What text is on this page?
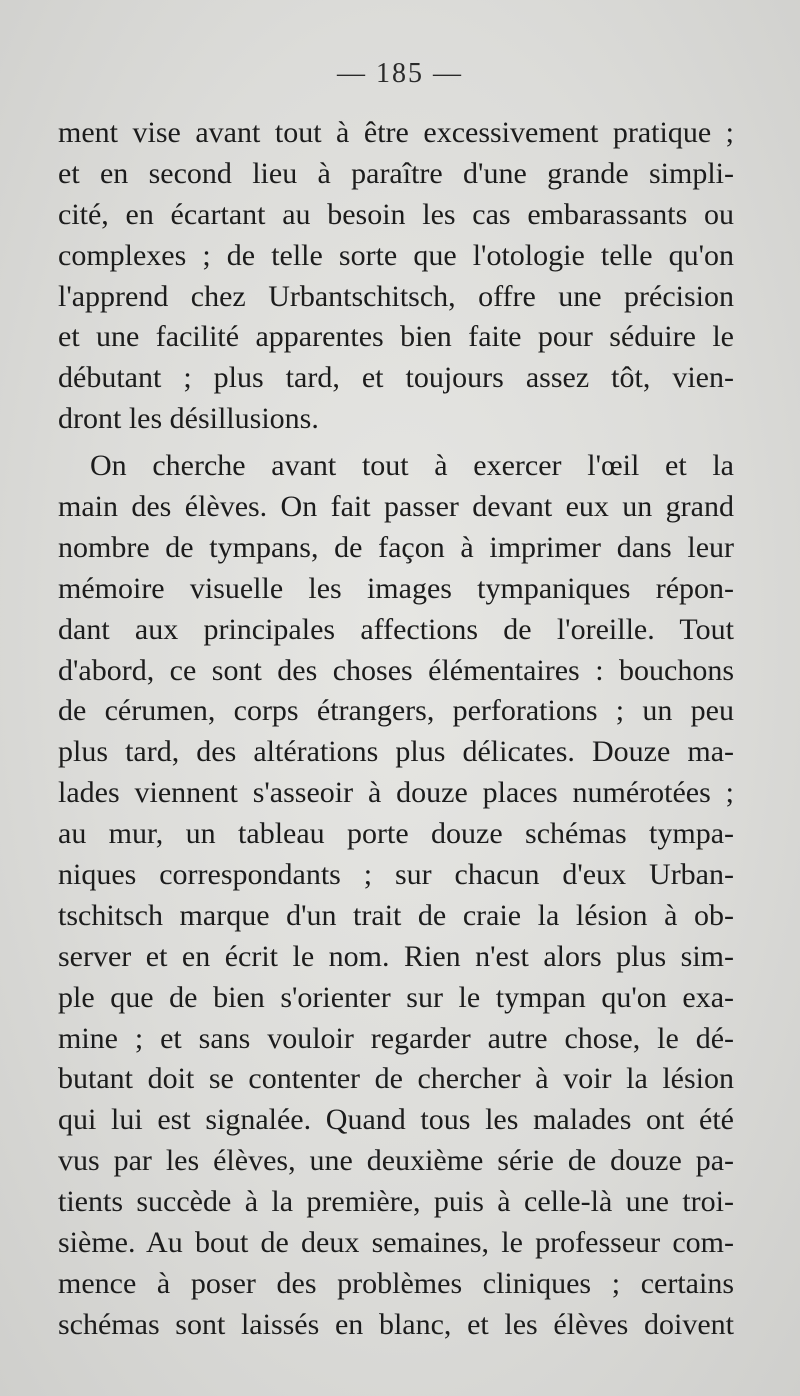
— 185 —
ment vise avant tout à être excessivement pratique ;
et en second lieu à paraître d'une grande simpli-
cité, en écartant au besoin les cas embarassants ou
complexes ; de telle sorte que l'otologie telle qu'on
l'apprend chez Urbantschitsch, offre une précision
et une facilité apparentes bien faite pour séduire le
débutant ; plus tard, et toujours assez tôt, vien-
dront les désillusions.
On cherche avant tout à exercer l'œil et la
main des élèves. On fait passer devant eux un grand
nombre de tympans, de façon à imprimer dans leur
mémoire visuelle les images tympaniques répon-
dant aux principales affections de l'oreille. Tout
d'abord, ce sont des choses élémentaires : bouchons
de cérumen, corps étrangers, perforations ; un peu
plus tard, des altérations plus délicates. Douze ma-
lades viennent s'asseoir à douze places numérotées ;
au mur, un tableau porte douze schémas tympa-
niques correspondants ; sur chacun d'eux Urban-
tschitsch marque d'un trait de craie la lésion à ob-
server et en écrit le nom. Rien n'est alors plus sim-
ple que de bien s'orienter sur le tympan qu'on exa-
mine ; et sans vouloir regarder autre chose, le dé-
butant doit se contenter de chercher à voir la lésion
qui lui est signalée. Quand tous les malades ont été
vus par les élèves, une deuxième série de douze pa-
tients succède à la première, puis à celle-là une troi-
sième. Au bout de deux semaines, le professeur com-
mence à poser des problèmes cliniques ; certains
schémas sont laissés en blanc, et les élèves doivent
